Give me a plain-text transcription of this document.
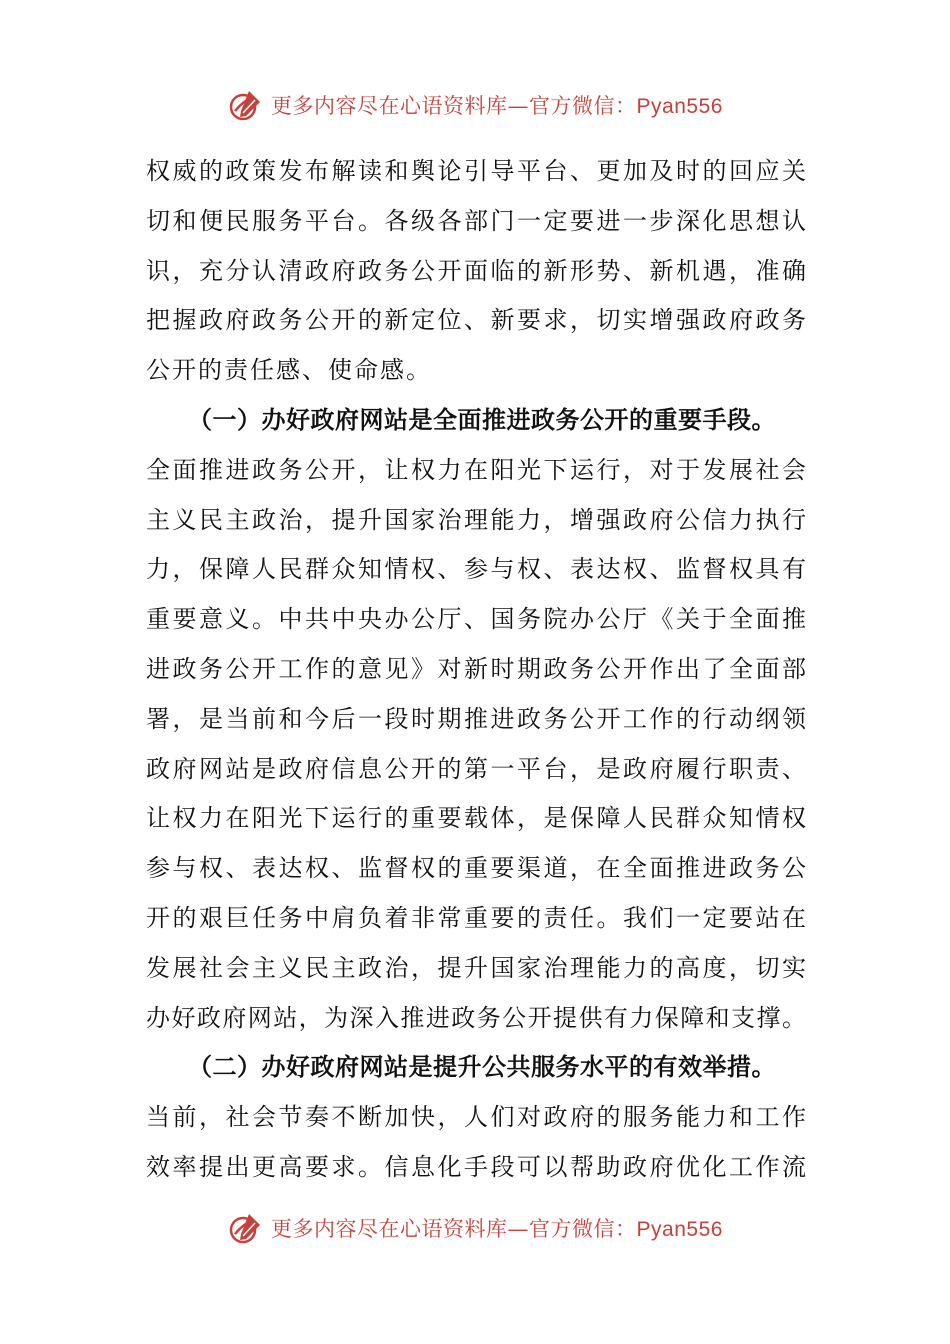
更多内容尽在心语资料库—官方微信：Pyan556
权威的政策发布解读和舆论引导平台、更加及时的回应关
切和便民服务平台。各级各部门一定要进一步深化思想认
识，充分认清政府政务公开面临的新形势、新机遇，准确
把握政府政务公开的新定位、新要求，切实增强政府政务
公开的责任感、使命感。
（一）办好政府网站是全面推进政务公开的重要手段。
全面推进政务公开，让权力在阳光下运行，对于发展社会
主义民主政治，提升国家治理能力，增强政府公信力执行
力，保障人民群众知情权、参与权、表达权、监督权具有
重要意义。中共中央办公厅、国务院办公厅《关于全面推
进政务公开工作的意见》对新时期政务公开作出了全面部
署，是当前和今后一段时期推进政务公开工作的行动纲领
政府网站是政府信息公开的第一平台，是政府履行职责、
让权力在阳光下运行的重要载体，是保障人民群众知情权
参与权、表达权、监督权的重要渠道，在全面推进政务公
开的艰巨任务中肩负着非常重要的责任。我们一定要站在
发展社会主义民主政治，提升国家治理能力的高度，切实
办好政府网站，为深入推进政务公开提供有力保障和支撑。
（二）办好政府网站是提升公共服务水平的有效举措。
当前，社会节奏不断加快，人们对政府的服务能力和工作
效率提出更高要求。信息化手段可以帮助政府优化工作流
更多内容尽在心语资料库—官方微信：Pyan556
